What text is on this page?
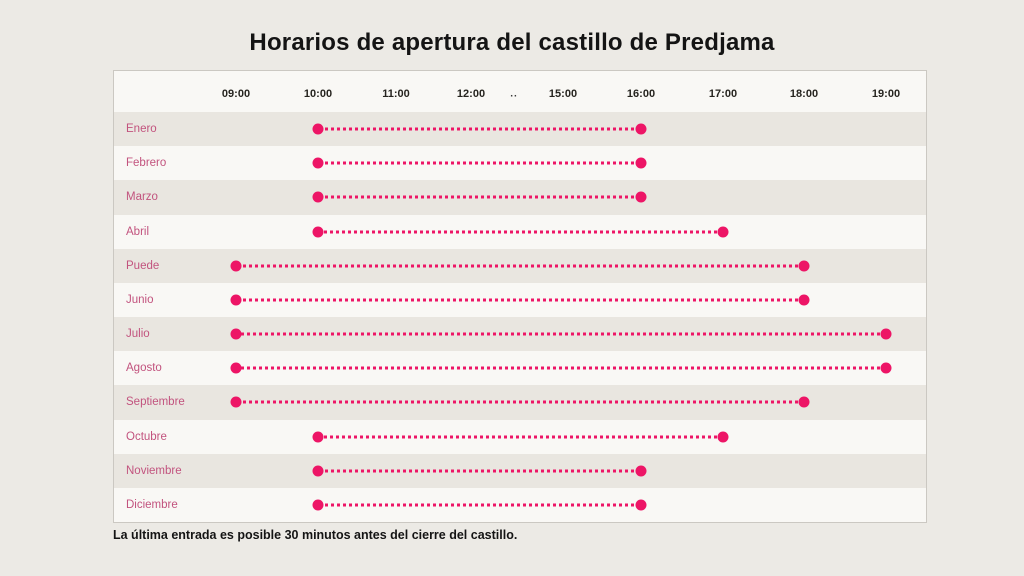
Horarios de apertura del castillo de Predjama
09:00	10:00	11:00	12:00	..	15:00	16:00	17:00	18:00	19:00
Enero
Febrero
Marzo
Abril
Puede
Junio
Julio
Agosto
Septiembre
Octubre
Noviembre
Diciembre
La última entrada es posible 30 minutos antes del cierre del castillo.
